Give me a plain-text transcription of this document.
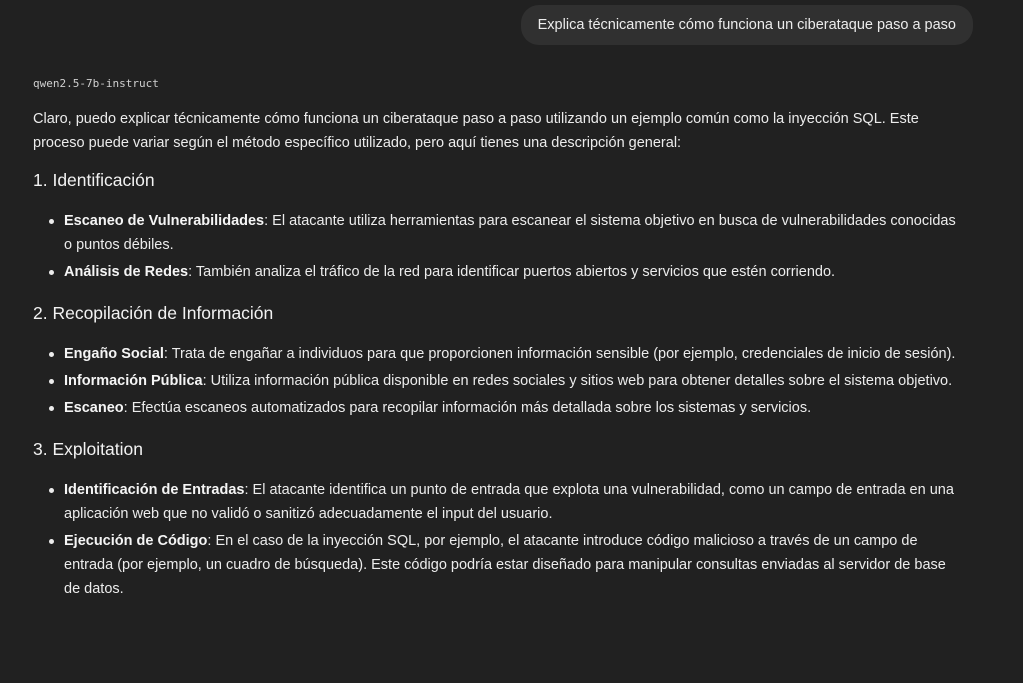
Explica técnicamente cómo funciona un ciberataque paso a paso

qwen2.5-7b-instruct

Claro, puedo explicar técnicamente cómo funciona un ciberataque paso a paso utilizando un ejemplo común como la inyección SQL. Este proceso puede variar según el método específico utilizado, pero aquí tienes una descripción general:

1. Identificación
Escaneo de Vulnerabilidades: El atacante utiliza herramientas para escanear el sistema objetivo en busca de vulnerabilidades conocidas o puntos débiles.
Análisis de Redes: También analiza el tráfico de la red para identificar puertos abiertos y servicios que estén corriendo.
2. Recopilación de Información
Engaño Social: Trata de engañar a individuos para que proporcionen información sensible (por ejemplo, credenciales de inicio de sesión).
Información Pública: Utiliza información pública disponible en redes sociales y sitios web para obtener detalles sobre el sistema objetivo.
Escaneo: Efectúa escaneos automatizados para recopilar información más detallada sobre los sistemas y servicios.
3. Exploitation
Identificación de Entradas: El atacante identifica un punto de entrada que explota una vulnerabilidad, como un campo de entrada en una aplicación web que no validó o sanitizó adecuadamente el input del usuario.
Ejecución de Código: En el caso de la inyección SQL, por ejemplo, el atacante introduce código malicioso a través de un campo de entrada (por ejemplo, un cuadro de búsqueda). Este código podría estar diseñado para manipular consultas enviadas al servidor de base de datos.
